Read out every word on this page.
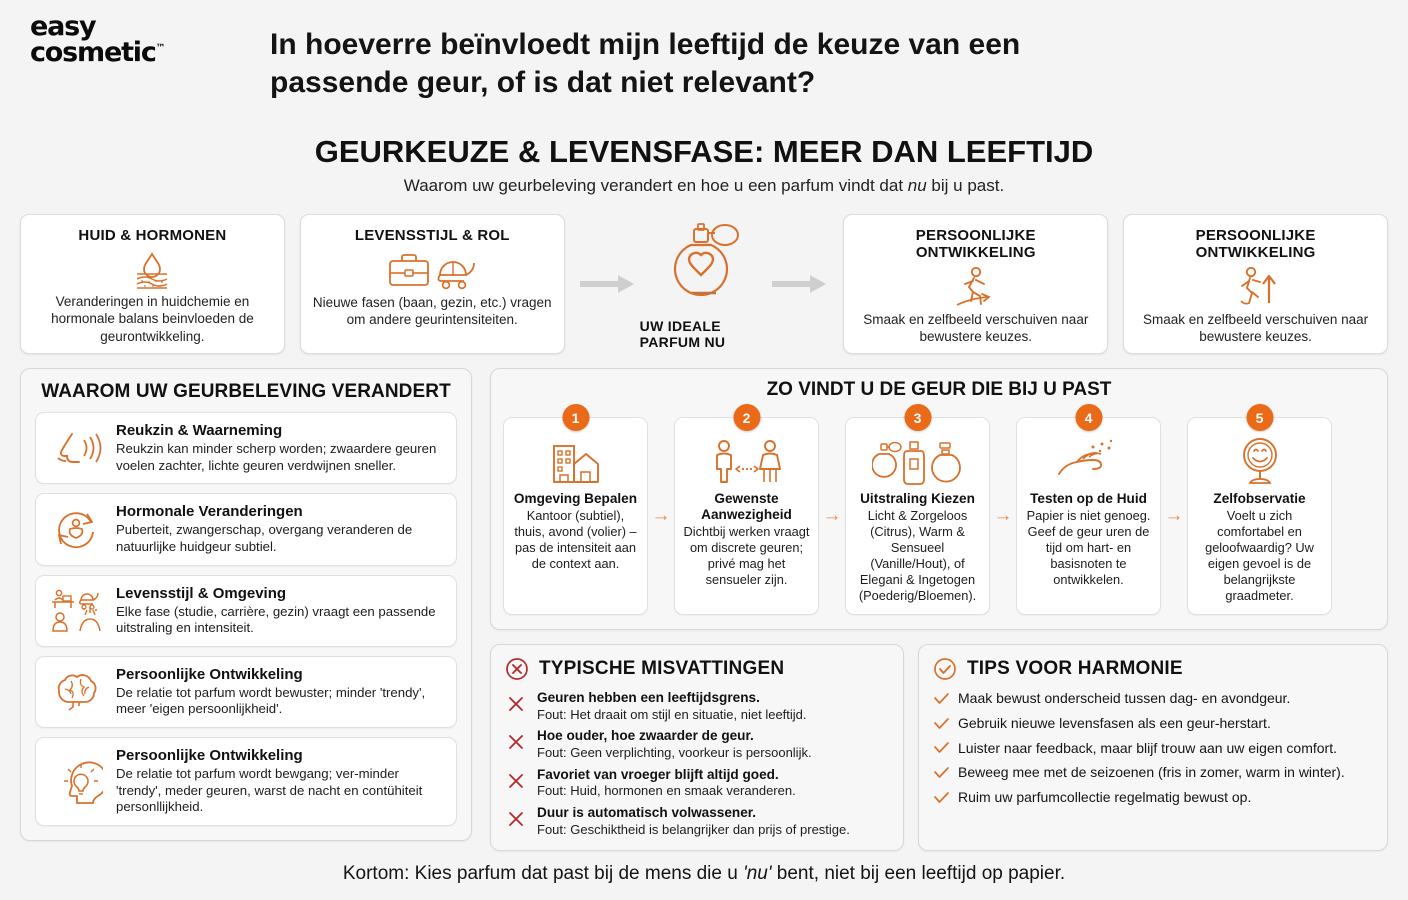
easy
cosmetic™	In hoeverre beïnvloedt mijn leeftijd de keuze van een passende geur, of is dat niet relevant?
GEURKEUZE & LEVENSFASE: MEER DAN LEEFTIJD
Waarom uw geurbeleving verandert en hoe u een parfum vindt dat nu bij u past.
HUID & HORMONEN
Veranderingen in huidchemie en hormonale balans beinvloeden de geurontwikkeling.
LEVENSSTIJL & ROL
Nieuwe fasen (baan, gezin, etc.) vragen om andere geurintensiteiten.	UW IDEALE PARFUM NU
PERSOONLIJKE ONTWIKKELING
Smaak en zelfbeeld verschuiven naar bewustere keuzes.
PERSOONLIJKE ONTWIKKELING
Smaak en zelfbeeld verschuiven naar bewustere keuzes.
WAAROM UW GEURBELEVING VERANDERT
Reukzin & Waarneming
Reukzin kan minder scherp worden; zwaardere geuren voelen zachter, lichte geuren verdwijnen sneller.
Hormonale Veranderingen
Puberteit, zwangerschap, overgang veranderen de natuurlijke huidgeur subtiel.
Levensstijl & Omgeving
Elke fase (studie, carrière, gezin) vraagt een passende uitstraling en intensiteit.
Persoonlijke Ontwikkeling
De relatie tot parfum wordt bewuster; minder 'trendy', meer 'eigen persoonlijkheid'.
Persoonlijke Ontwikkeling
De relatie tot parfum wordt bewgang; ver-minder 'trendy', meder geuren, warst de nacht en contühiteit personllijkheid.
ZO VINDT U DE GEUR DIE BIJ U PAST
1
Omgeving Bepalen
Kantoor (subtiel), thuis, avond (volier) – pas de intensiteit aan de context aan.
→
2
Gewenste Aanwezigheid
Dichtbij werken vraagt om discrete geuren; privé mag het sensueler zijn.
→
3
Uitstraling Kiezen
Licht & Zorgeloos (Citrus), Warm & Sensueel (Vanille/Hout), of Elegani & Ingetogen (Poederig/Bloemen).
→
4
Testen op de Huid
Papier is niet genoeg. Geef de geur uren de tijd om hart- en basisnoten te ontwikkelen.
→
5
Zelfobservatie
Voelt u zich comfortabel en geloofwaardig? Uw eigen gevoel is de belangrijkste graadmeter.
TYPISCHE MISVATTINGEN
Geuren hebben een leeftijdsgrens.
Fout: Het draait om stijl en situatie, niet leeftijd.
Hoe ouder, hoe zwaarder de geur.
Fout: Geen verplichting, voorkeur is persoonlijk.
Favoriet van vroeger blijft altijd goed.
Fout: Huid, hormonen en smaak veranderen.
Duur is automatisch volwassener.
Fout: Geschiktheid is belangrijker dan prijs of prestige.
TIPS VOOR HARMONIE
Maak bewust onderscheid tussen dag- en avondgeur.
Gebruik nieuwe levensfasen als een geur-herstart.
Luister naar feedback, maar blijf trouw aan uw eigen comfort.
Beweeg mee met de seizoenen (fris in zomer, warm in winter).
Ruim uw parfumcollectie regelmatig bewust op.
Kortom: Kies parfum dat past bij de mens die u 'nu' bent, niet bij een leeftijd op papier.
